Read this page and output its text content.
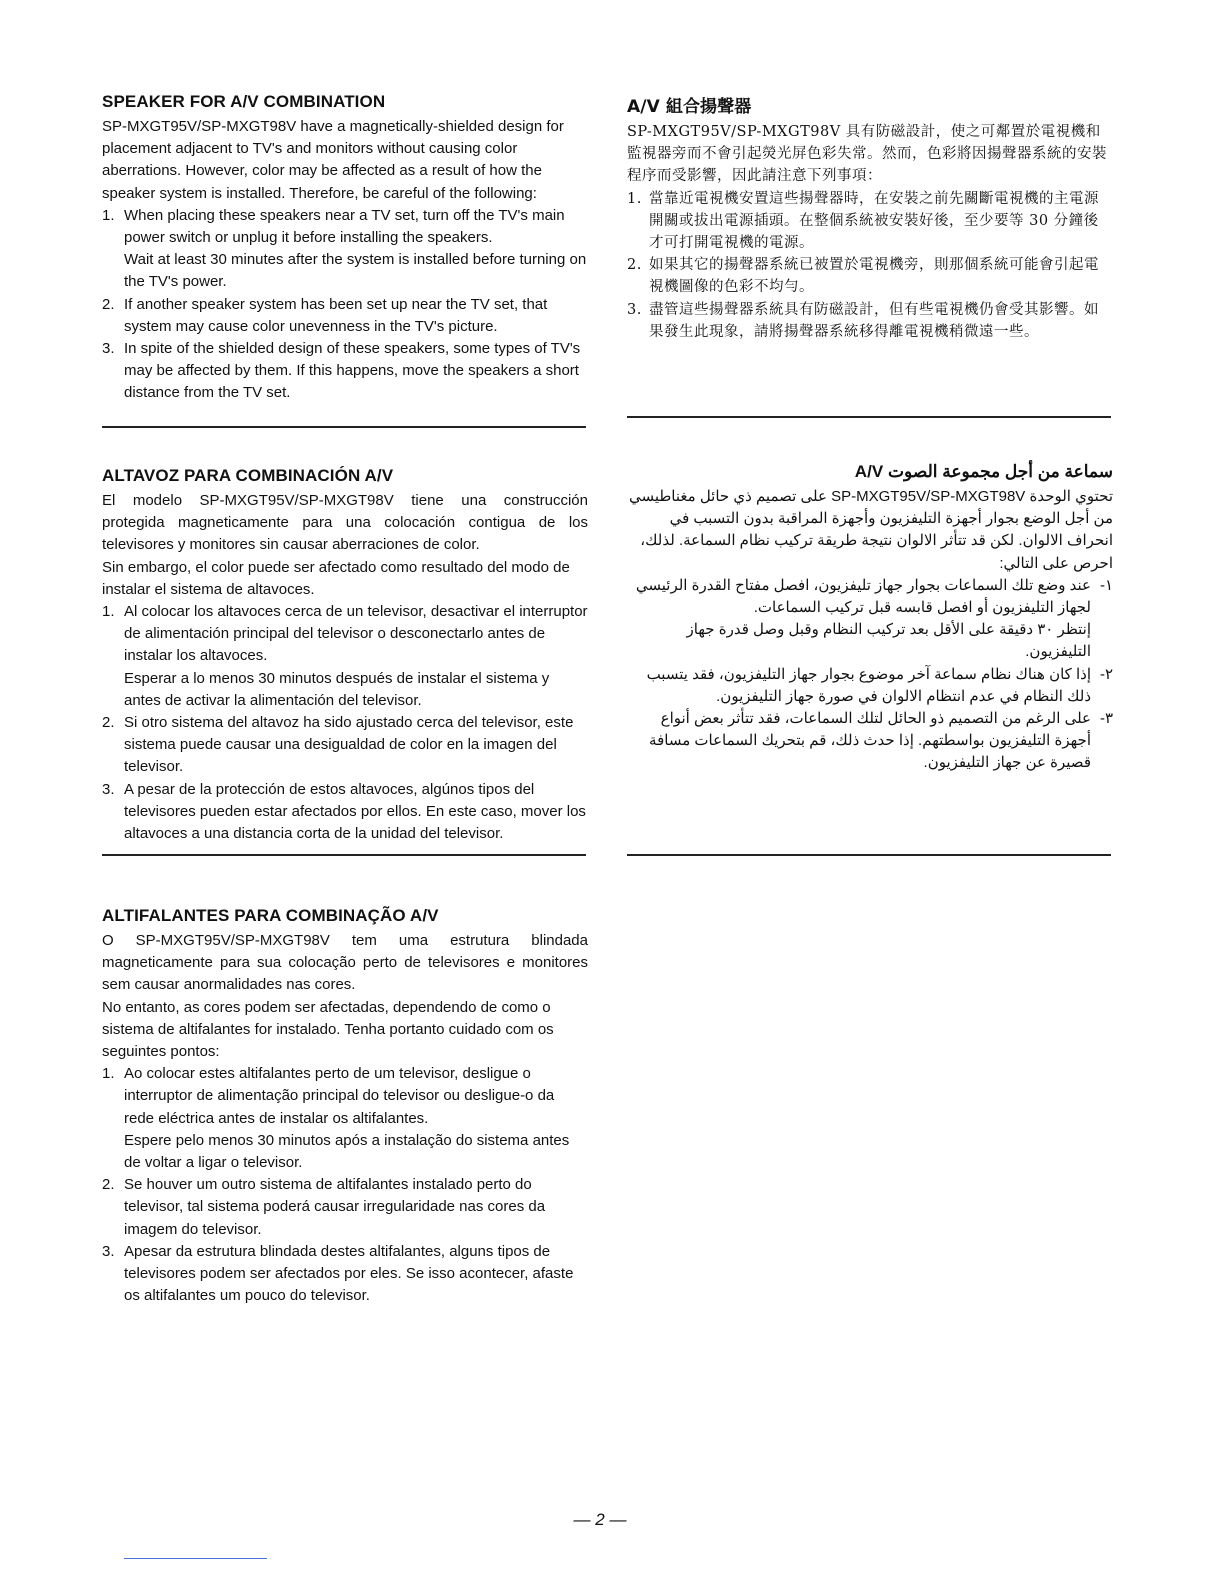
SPEAKER FOR A/V COMBINATION

SP-MXGT95V/SP-MXGT98V have a magnetically-shielded design for placement adjacent to TV's and monitors without causing color aberrations. However, color may be affected as a result of how the speaker system is installed. Therefore, be careful of the following:

1. When placing these speakers near a TV set, turn off the TV's main power switch or unplug it before installing the speakers.
Wait at least 30 minutes after the system is installed before turning on the TV's power.
2. If another speaker system has been set up near the TV set, that system may cause color unevenness in the TV's picture.
3. In spite of the shielded design of these speakers, some types of TV's may be affected by them. If this happens, move the speakers a short distance from the TV set.
A/V 組合揚聲器

SP-MXGT95V/SP-MXGT98V 具有防磁設計，使之可鄰置於電視機和監視器旁而不會引起熒光屏色彩失常。然而，色彩將因揚聲器系統的安裝程序而受影響，因此請注意下列事項：

1. 當靠近電視機安置這些揚聲器時，在安裝之前先關斷電視機的主電源開關或拔出電源插頭。在整個系統被安裝好後，至少要等 30 分鐘後才可打開電視機的電源。
2. 如果其它的揚聲器系統已被置於電視機旁，則那個系統可能會引起電視機圖像的色彩不均勻。
3. 盡管這些揚聲器系統具有防磁設計，但有些電視機仍會受其影響。如果發生此現象，請將揚聲器系統移得離電視機稍微遠一些。
ALTAVOZ PARA COMBINACIÓN A/V

El modelo SP-MXGT95V/SP-MXGT98V tiene una construcción protegida magneticamente para una colocación contigua de los televisores y monitores sin causar aberraciones de color.

Sin embargo, el color puede ser afectado como resultado del modo de instalar el sistema de altavoces.

1. Al colocar los altavoces cerca de un televisor, desactivar el interruptor de alimentación principal del televisor o desconectarlo antes de instalar los altavoces.
Esperar a lo menos 30 minutos después de instalar el sistema y antes de activar la alimentación del televisor.
2. Si otro sistema del altavoz ha sido ajustado cerca del televisor, este sistema puede causar una desigualdad de color en la imagen del televisor.
3. A pesar de la protección de estos altavoces, algúnos tipos del televisores pueden estar afectados por ellos. En este caso, mover los altavoces a una distancia corta de la unidad del televisor.
سماعة من أجل مجموعة الصوت A/V

تحتوي الوحدة SP-MXGT95V/SP-MXGT98V على تصميم ذي حائل مغناطيسي من أجل الوضع بجوار أجهزة التليفزيون وأجهزة المراقبة بدون التسبب في انحراف الالوان. لكن قد تتأثر الالوان نتيجة طريقة تركيب نظام السماعة. لذلك، احرص على التالي:

١-
عند وضع تلك السماعات بجوار جهاز تليفزيون، افصل مفتاح القدرة الرئيسي لجهاز التليفزيون أو افصل قابسه قبل تركيب السماعات.
إنتظر ٣٠ دقيقة على الأقل بعد تركيب النظام وقبل وصل قدرة جهاز التليفزيون.
٢-
إذا كان هناك نظام سماعة آخر موضوع بجوار جهاز التليفزيون، فقد يتسبب ذلك النظام في عدم انتظام الالوان في صورة جهاز التليفزيون.
٣-
على الرغم من التصميم ذو الحائل لتلك السماعات، فقد تتأثر بعض أنواع أجهزة التليفزيون بواسطتهم. إذا حدث ذلك، قم بتحريك السماعات مسافة قصيرة عن جهاز التليفزيون.
ALTIFALANTES PARA COMBINAÇÃO A/V

O SP-MXGT95V/SP-MXGT98V tem uma estrutura blindada magneticamente para sua colocação perto de televisores e monitores sem causar anormalidades nas cores.

No entanto, as cores podem ser afectadas, dependendo de como o sistema de altifalantes for instalado. Tenha portanto cuidado com os seguintes pontos:

1. Ao colocar estes altifalantes perto de um televisor, desligue o interruptor de alimentação principal do televisor ou desligue-o da rede eléctrica antes de instalar os altifalantes.
Espere pelo menos 30 minutos após a instalação do sistema antes de voltar a ligar o televisor.
2. Se houver um outro sistema de altifalantes instalado perto do televisor, tal sistema poderá causar irregularidade nas cores da imagem do televisor.
3. Apesar da estrutura blindada destes altifalantes, alguns tipos de televisores podem ser afectados por eles. Se isso acontecer, afaste os altifalantes um pouco do televisor.
— 2 —
